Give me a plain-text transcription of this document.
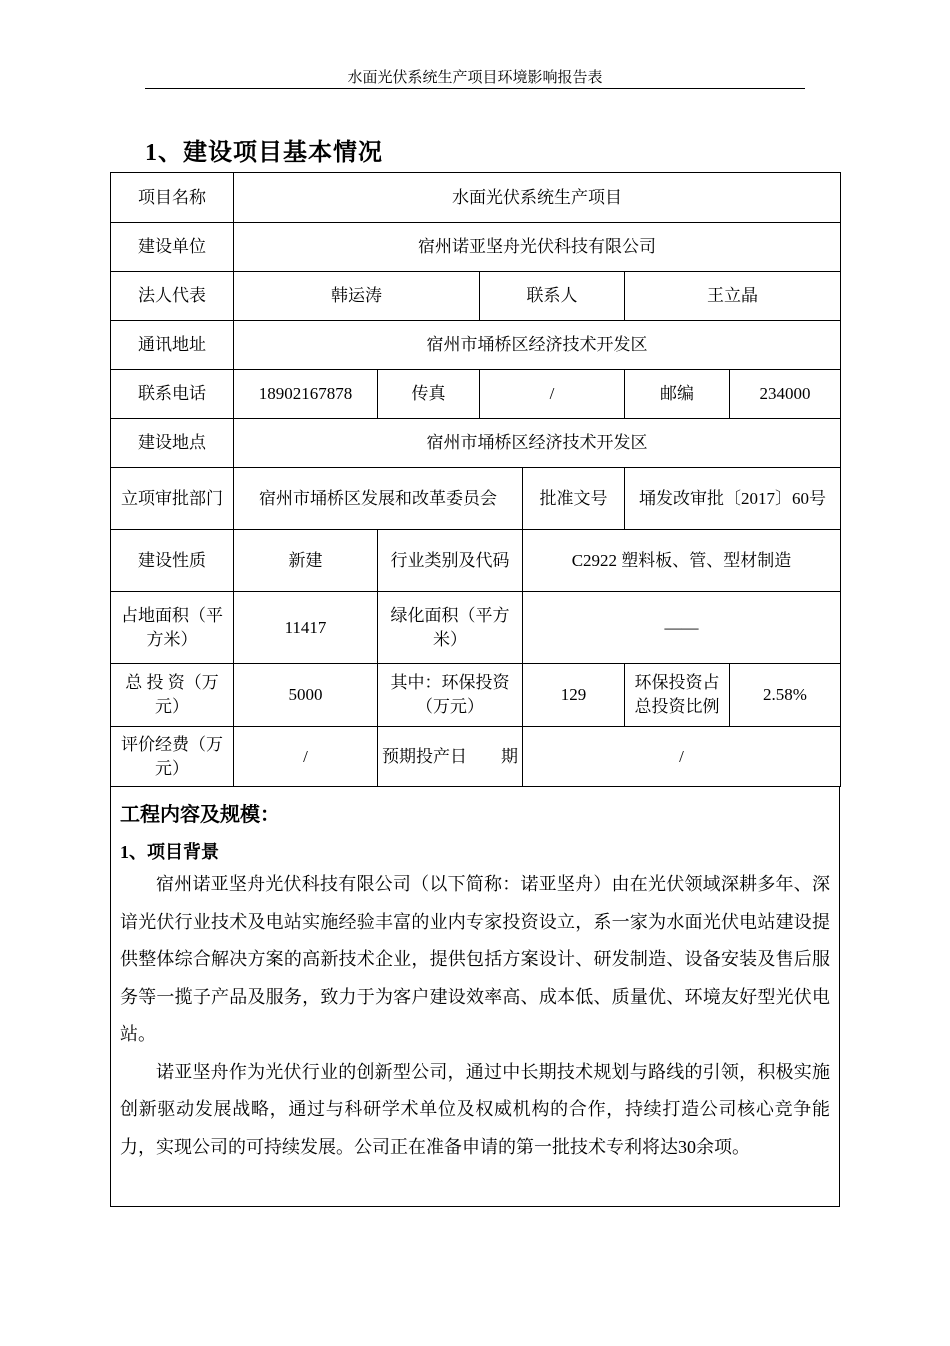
水面光伏系统生产项目环境影响报告表
1、建设项目基本情况
项目名称	水面光伏系统生产项目					
建设单位	宿州诺亚坚舟光伏科技有限公司					
法人代表	韩运涛		联系人		王立晶	
通讯地址	宿州市埇桥区经济技术开发区					
联系电话	18902167878	传真	/		邮编	234000
建设地点	宿州市埇桥区经济技术开发区					
立项审批部门	宿州市埇桥区发展和改革委员会			批准文号	埇发改审批〔2017〕60号	
建设性质	新建	行业类别及代码		C2922 塑料板、管、型材制造		
占地面积（平方米）	11417	绿化面积（平方米）		——		
总 投 资（万元）	5000	其中：环保投资（万元）		129	环保投资占总投资比例	2.58%
评价经费（万元）	/	预期投产日　　期		/		
工程内容及规模：
1、项目背景

宿州诺亚坚舟光伏科技有限公司（以下简称：诺亚坚舟）由在光伏领域深耕多年、深谙光伏行业技术及电站实施经验丰富的业内专家投资设立，系一家为水面光伏电站建设提供整体综合解决方案的高新技术企业，提供包括方案设计、研发制造、设备安装及售后服务等一揽子产品及服务，致力于为客户建设效率高、成本低、质量优、环境友好型光伏电站。

诺亚坚舟作为光伏行业的创新型公司，通过中长期技术规划与路线的引领，积极实施创新驱动发展战略，通过与科研学术单位及权威机构的合作，持续打造公司核心竞争能力，实现公司的可持续发展。公司正在准备申请的第一批技术专利将达30余项。
